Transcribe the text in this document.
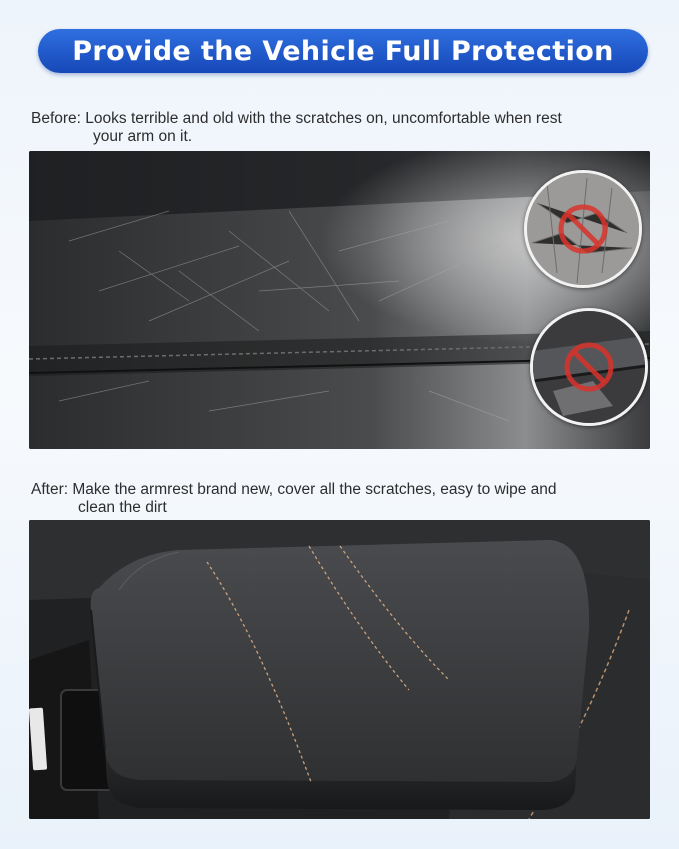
Provide the Vehicle Full Protection
Before: Looks terrible and old with the scratches on, uncomfortable when rest
your arm on it.
After: Make the armrest brand new, cover all the scratches, easy to wipe and
clean the dirt
